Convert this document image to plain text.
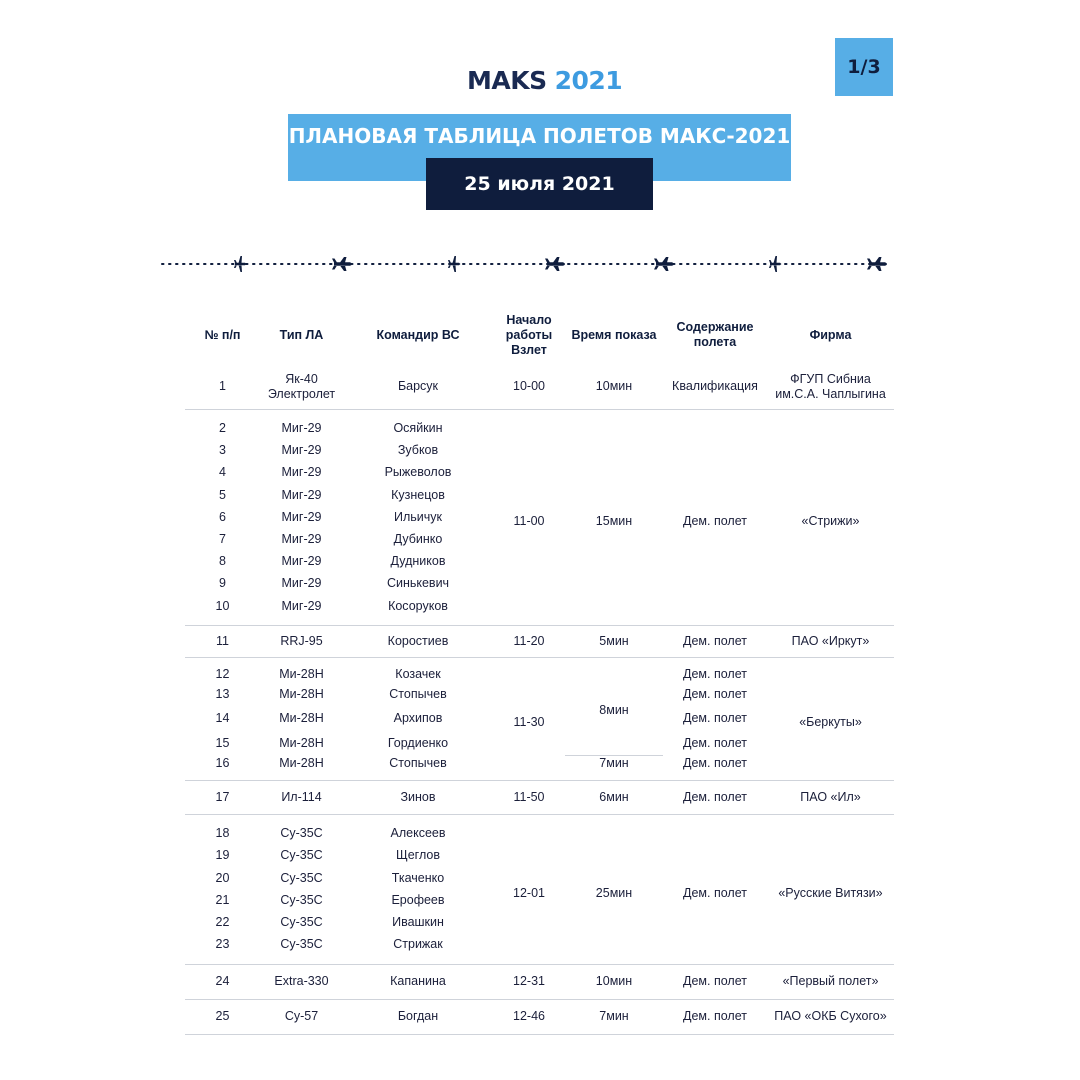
MAKS 2021	1/3
ПЛАНОВАЯ ТАБЛИЦА ПОЛЕТОВ МАКС-2021
25 июля 2021
№ п/п	Тип ЛА	Командир ВС	Начало работы Взлет	Время показа	Содержание полета	Фирма
1	Як-40 Электролет	Барсук	10-00	10мин	Квалификация	ФГУП Сибниа им.С.А. Чаплыгина
2	Миг-29	Осяйкин	11-00	15мин	Дем. полет	«Стрижи»
3	Миг-29	Зубков				
4	Миг-29	Рыжеволов				
5	Миг-29	Кузнецов				
6	Миг-29	Ильичук				
7	Миг-29	Дубинко				
8	Миг-29	Дудников				
9	Миг-29	Синькевич				
10	Миг-29	Косоруков				
11	RRJ-95	Коростиев	11-20	5мин	Дем. полет	ПАО «Иркут»
12	Ми-28Н	Козачек	11-30	8мин	Дем. полет	«Беркуты»
13	Ми-28Н	Стопычев			Дем. полет	
14	Ми-28Н	Архипов			Дем. полет	
15	Ми-28Н	Гордиенко			Дем. полет	
16	Ми-28Н	Стопычев		7мин	Дем. полет	
17	Ил-114	Зинов	11-50	6мин	Дем. полет	ПАО «Ил»
18	Су-35С	Алексеев	12-01	25мин	Дем. полет	«Русские Витязи»
19	Су-35С	Щеглов				
20	Су-35С	Ткаченко				
21	Су-35С	Ерофеев				
22	Су-35С	Ивашкин				
23	Су-35С	Стрижак				
24	Extra-330	Капанина	12-31	10мин	Дем. полет	«Первый полет»
25	Су-57	Богдан	12-46	7мин	Дем. полет	ПАО «ОКБ Сухого»
